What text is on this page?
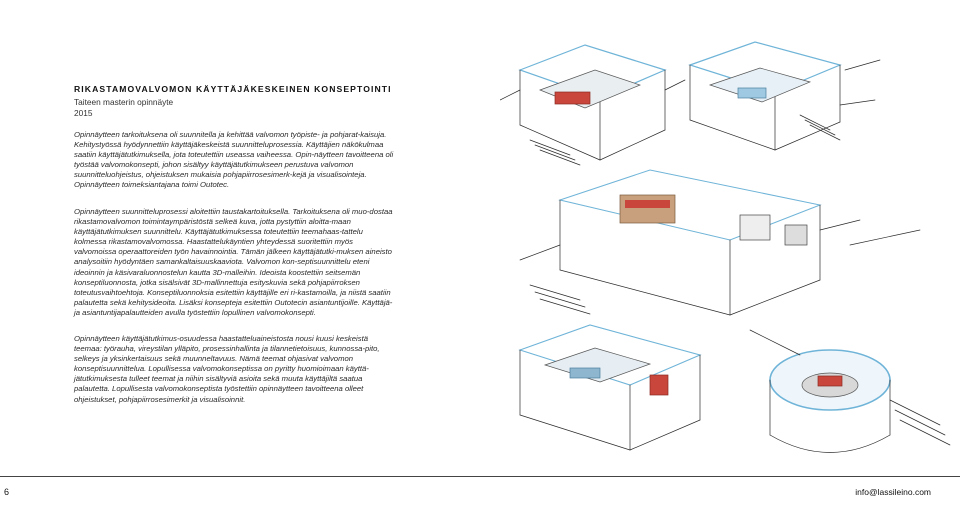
RIKASTAMOVALVOMON KÄYTTÄJÄKESKEINEN KONSEPTOINTI
Taiteen masterin opinnäyte
2015
Opinnäytteen tarkoituksena oli suunnitella ja kehittää valvomon työpiste- ja pohjarat-kaisuja. Kehitystyössä hyödynnettiin käyttäjäkeskeistä suunnitteluprosessia. Käyttäjien näkökulmaa saatiin käyttäjätutkimuksella, jota toteutettiin useassa vaiheessa. Opin-näytteen tavoitteena oli työstää valvomokonsepti, johon sisältyy käyttäjätutkimukseen perustuva valvomon suunnitteluohjeistus, ohjeistuksen mukaisia pohjapiirrosesimerk-kejä ja visualisointeja. Opinnäytteen toimeksiantajana toimi Outotec.
Opinnäytteen suunnitteluprosessi aloitettiin taustakartoituksella. Tarkoituksena oli muo-dostaa rikastamovalvomon toimintaympäristöstä selkeä kuva, jotta pystyttiin aloitta-maan käyttäjätutkimuksen suunnittelu. Käyttäjätutkimuksessa toteutettiin teemahaas-tattelu kolmessa rikastamovalvomossa. Haastattelukäyntien yhteydessä suoritettiin myös valvomoissa operaattoreiden työn havainnointia. Tämän jälkeen käyttäjätutki-muksen aineisto analysoitiin hyödyntäen samankaltaisuuskaaviota. Valvomon kon-septisuunnittelu eteni ideoinnin ja käsivaraluonnostelun kautta 3D-malleihin. Ideoista koostettiin seitsemän konseptiluonnosta, jotka sisälsivät 3D-mallinnettuja esityskuvia sekä pohjapiirroksen toteutusvaihtoehtoja. Konseptiluonnoksia esitettiin käyttäjille eri ri-kastamoilla, ja niistä saatiin palautetta sekä kehitysideoita. Lisäksi konsepteja esitettiin Outotecin asiantuntijoille. Käyttäjä- ja asiantuntijapalautteiden avulla työstettiin lopullinen valvomokonsepti.
Opinnäytteen käyttäjätutkimus-osuudessa haastatteluaineistosta nousi kuusi keskeistä teemaa: työrauha, vireystilan ylläpito, prosessinhallinta ja tilannetietoisuus, kunnossa-pito, selkeys ja yksinkertaisuus sekä muunneltavuus. Nämä teemat ohjasivat valvomon konseptisuunnittelua. Lopullisessa valvomokonseptissa on pyritty huomioimaan käyttä-jätutkimuksesta tulleet teemat ja niihin sisältyviä asioita sekä muuta käyttäjiltä saatua palautetta. Lopullisesta valvomokonseptista työstettiin opinnäytteen tavoitteena olleet ohjeistukset, pohjapiirrosesimerkit ja visualisoinnit.
6	info@lassileino.com
